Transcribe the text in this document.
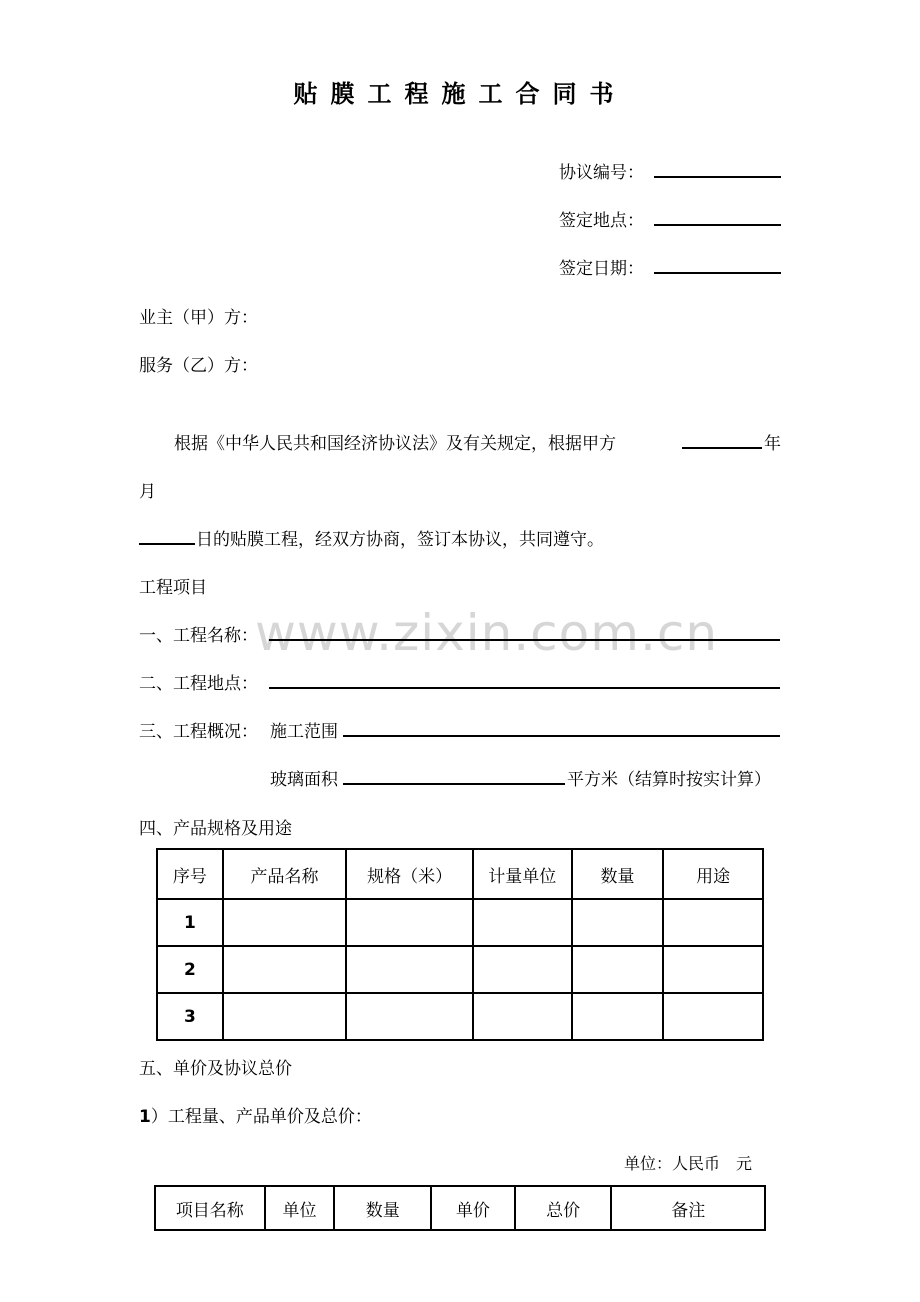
www.zixin.com.cn
贴膜工程施工合同书
协议编号：
签定地点：
签定日期：
业主（甲）方：
服务（乙）方：
根据《中华人民共和国经济协议法》及有关规定，根据甲方	年
月
日的贴膜工程，经双方协商，签订本协议，共同遵守。
工程项目
一、工程名称：
二、工程地点：
三、工程概况： 施工范围
玻璃面积	平方米（结算时按实计算）
四、产品规格及用途
序号	产品名称	规格（米）	计量单位	数量	用途
1					
2					
3					
五、单价及协议总价
1）工程量、产品单价及总价：
单位：人民币　元
项目名称	单位	数量	单价	总价	备注
